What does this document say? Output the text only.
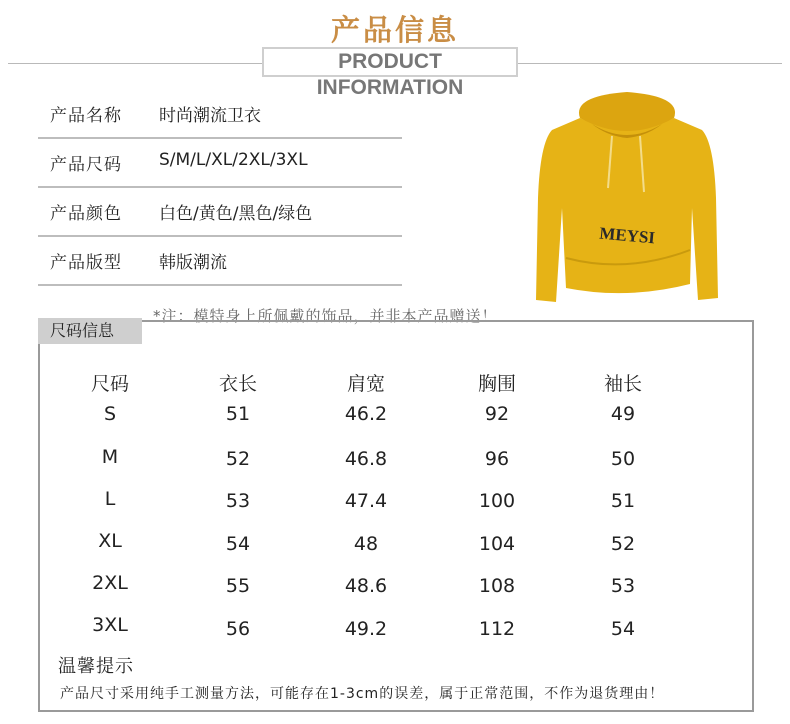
产品信息
PRODUCT INFORMATION
产品名称 时尚潮流卫衣
产品尺码 S/M/L/XL/2XL/3XL
产品颜色 白色/黄色/黑色/绿色
产品版型 韩版潮流
MEYSI
*注：模特身上所佩戴的饰品，并非本产品赠送！
尺码信息
尺码	衣长	肩宽	胸围	袖长
S	51	46.2	92	49
M	52	46.8	96	50
L	53	47.4	100	51
XL	54	48	104	52
2XL	55	48.6	108	53
3XL	56	49.2	112	54
温馨提示
产品尺寸采用纯手工测量方法，可能存在1-3cm的误差，属于正常范围，不作为退货理由！
